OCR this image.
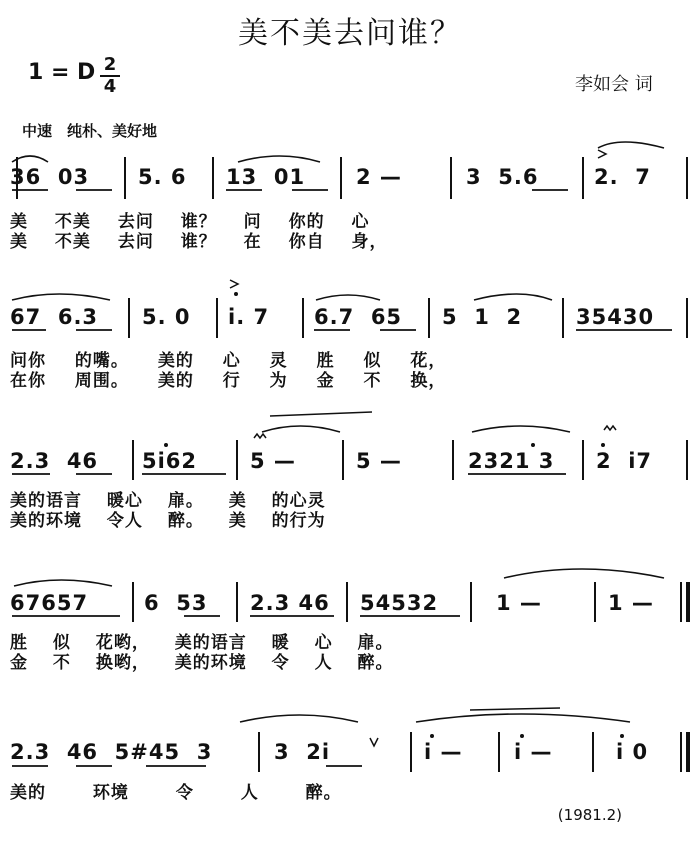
美不美去问谁？
1 = D 2
4	李如会 词
中速　纯朴、美好地
36  03 5. 6 13  01 2 —	3  5.6	2.  7
美 不美 去问 谁？ 问 你的 心
美 不美 去问 谁？ 在 你自 身，
67  6.3 5. 0 i. 7 6.7  65 5  1  2	35430
问你 的嘴。 美的 心 灵 胜 似 花，
在你 周围。 美的 行 为 金 不 换，
2.3  46 5i62	5 —	5 —	2321 3 2  i7
美的语言 暖心 扉。 美 的心灵
美的环境 令人 醉。 美 的行为
67657	6  53 2.3 46 54532	1 —	1 —
胜 似 花哟， 美的语言 暖 心 扉。
金 不 换哟， 美的环境 令 人 醉。
2.3  46  5#45  3	3  2i	i — i —	i 0
美的 环境 令 人 醉。
(1981.2)
